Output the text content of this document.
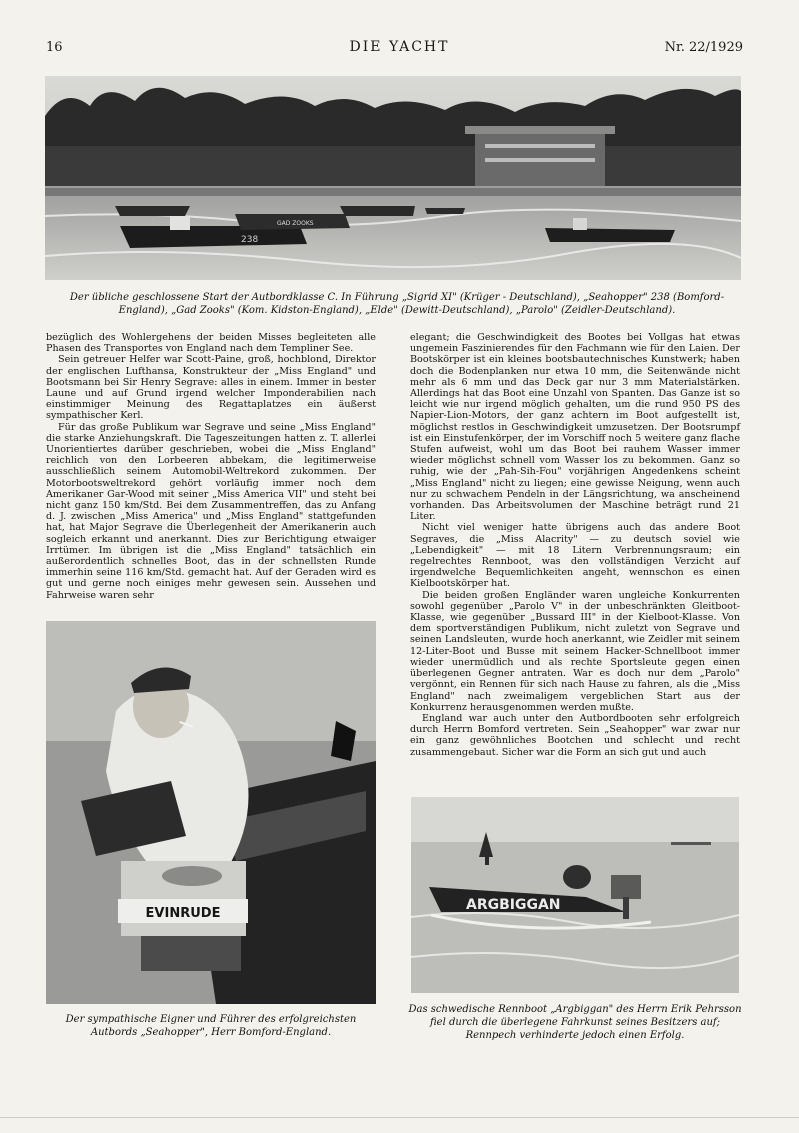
16	DIE YACHT	Nr. 22/1929
238
GAD ZOOKS
Der übliche geschlossene Start der Autbordklasse C. In Führung „Sigrid XI" (Krüger - Deutschland), „Seahopper" 238 (Bomford-England), „Gad Zooks" (Kom. Kidston-England), „Elde" (Dewitt-Deutschland), „Parolo" (Zeidler-Deutschland).

bezüglich des Wohlergehens der beiden Misses begleiteten alle Phasen des Transportes von England nach dem Templiner See.

Sein getreuer Helfer war Scott-Paine, groß, hochblond, Direktor der englischen Lufthansa, Konstrukteur der „Miss England" und Bootsmann bei Sir Henry Segrave: alles in einem. Immer in bester Laune und auf Grund irgend welcher Imponderabilien nach einstimmiger Meinung des Regattaplatzes ein äußerst sympathischer Kerl.

Für das große Publikum war Segrave und seine „Miss England" die starke Anziehungskraft. Die Tageszeitungen hatten z. T. allerlei Unorientiertes darüber geschrieben, wobei die „Miss England" reichlich von den Lorbeeren abbekam, die legitimerweise ausschließlich seinem Automobil-Weltrekord zukommen. Der Motorbootsweltrekord gehört vorläufig immer noch dem Amerikaner Gar-Wood mit seiner „Miss America VII" und steht bei nicht ganz 150 km/Std. Bei dem Zusammentreffen, das zu Anfang d. J. zwischen „Miss America" und „Miss England" stattgefunden hat, hat Major Segrave die Überlegenheit der Amerikanerin auch sogleich erkannt und anerkannt. Dies zur Berichtigung etwaiger Irrtümer. Im übrigen ist die „Miss England" tatsächlich ein außerordentlich schnelles Boot, das in der schnellsten Runde immerhin seine 116 km/Std. gemacht hat. Auf der Geraden wird es gut und gerne noch einiges mehr gewesen sein. Aussehen und Fahrweise waren sehr

elegant; die Geschwindigkeit des Bootes bei Vollgas hat etwas ungemein Faszinierendes für den Fachmann wie für den Laien. Der Bootskörper ist ein kleines bootsbautechnisches Kunstwerk; haben doch die Bodenplanken nur etwa 10 mm, die Seitenwände nicht mehr als 6 mm und das Deck gar nur 3 mm Materialstärken. Allerdings hat das Boot eine Unzahl von Spanten. Das Ganze ist so leicht wie nur irgend möglich gehalten, um die rund 950 PS des Napier-Lion-Motors, der ganz achtern im Boot aufgestellt ist, möglichst restlos in Geschwindigkeit umzusetzen. Der Bootsrumpf ist ein Einstufenkörper, der im Vorschiff noch 5 weitere ganz flache Stufen aufweist, wohl um das Boot bei rauhem Wasser immer wieder möglichst schnell vom Wasser los zu bekommen. Ganz so ruhig, wie der „Pah-Sih-Fou" vorjährigen Angedenkens scheint „Miss England" nicht zu liegen; eine gewisse Neigung, wenn auch nur zu schwachem Pendeln in der Längsrichtung, wa anscheinend vorhanden. Das Arbeitsvolumen der Maschine beträgt rund 21 Liter.

Nicht viel weniger hatte übrigens auch das andere Boot Segraves, die „Miss Alacrity" — zu deutsch soviel wie „Lebendigkeit" — mit 18 Litern Verbrennungsraum; ein regelrechtes Rennboot, was den vollständigen Verzicht auf irgendwelche Bequemlichkeiten angeht, wennschon es einen Kielbootskörper hat.

Die beiden großen Engländer waren ungleiche Konkurrenten sowohl gegenüber „Parolo V" in der unbeschränkten Gleitboot-Klasse, wie gegenüber „Bussard III" in der Kielboot-Klasse. Von dem sportverständigen Publikum, nicht zuletzt von Segrave und seinen Landsleuten, wurde hoch anerkannt, wie Zeidler mit seinem 12-Liter-Boot und Busse mit seinem Hacker-Schnellboot immer wieder unermüdlich und als rechte Sportsleute gegen einen überlegenen Gegner antraten. War es doch nur dem „Parolo" vergönnt, ein Rennen für sich nach Hause zu fahren, als die „Miss England" nach zweimaligem vergeblichen Start aus der Konkurrenz herausgenommen werden mußte.

England war auch unter den Autbordbooten sehr erfolgreich durch Herrn Bomford vertreten. Sein „Seahopper" war zwar nur ein ganz gewöhnliches Bootchen und schlecht und recht zusammengebaut. Sicher war die Form an sich gut und auch

EVINRUDE
Der sympathische Eigner und Führer des erfolgreichsten Autbords „Seahopper", Herr Bomford-England.
ARGBIGGAN
Das schwedische Rennboot „Argbiggan" des Herrn Erik Pehrsson fiel durch die überlegene Fahrkunst seines Besitzers auf; Rennpech verhinderte jedoch einen Erfolg.
